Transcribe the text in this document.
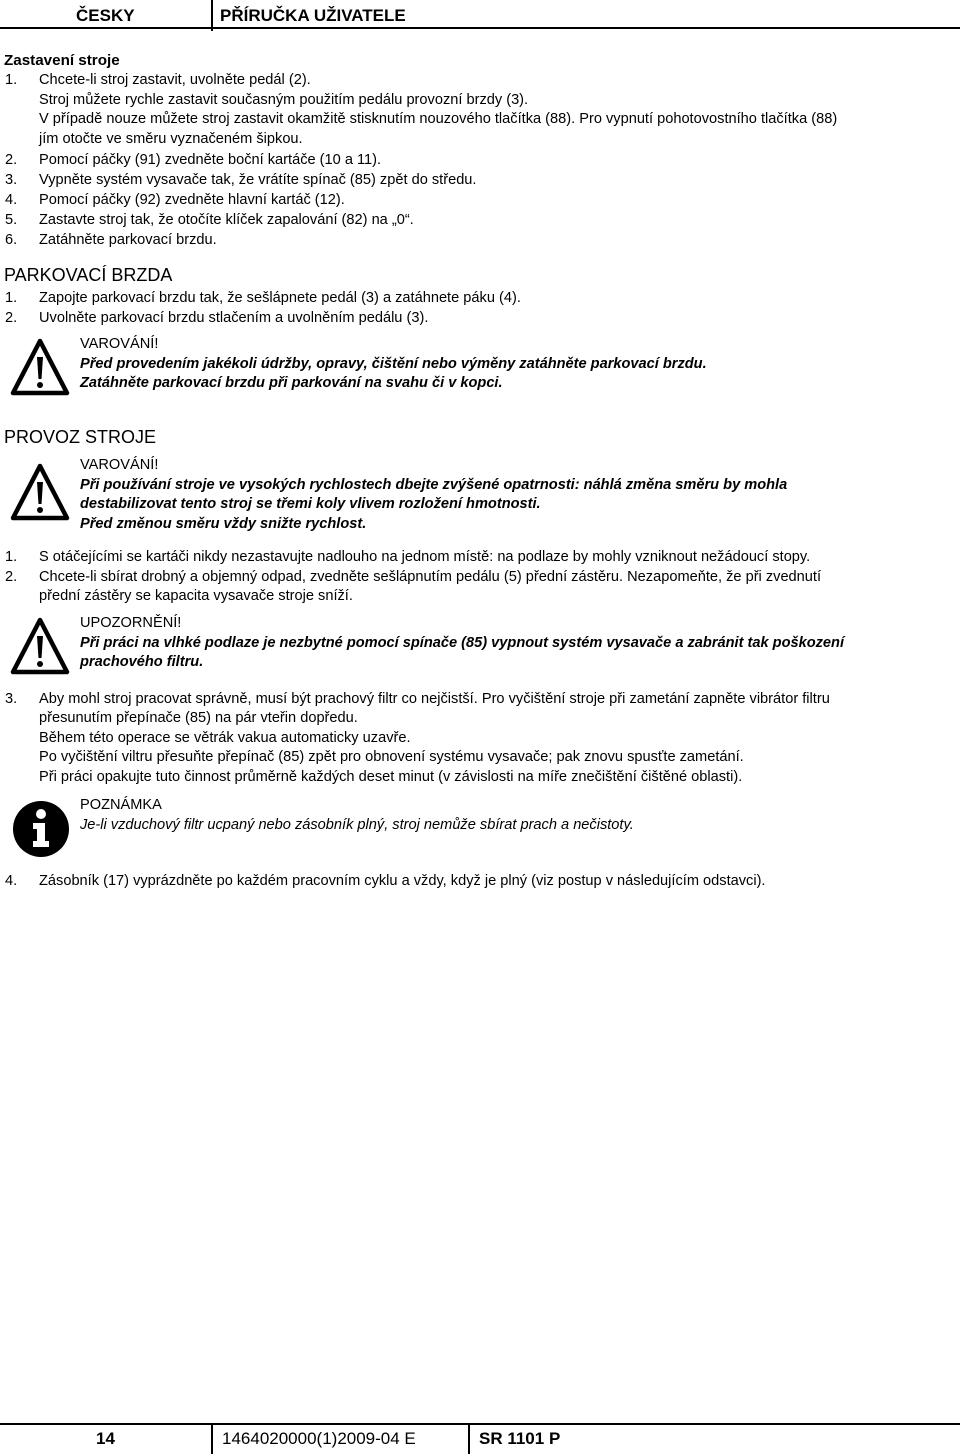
ČESKY	PŘÍRUČKA UŽIVATELE
Zastavení stroje
1. Chcete-li stroj zastavit, uvolněte pedál (2).
Stroj můžete rychle zastavit současným použitím pedálu provozní brzdy (3).
V případě nouze můžete stroj zastavit okamžitě stisknutím nouzového tlačítka (88). Pro vypnutí pohotovostního tlačítka (88)
jím otočte ve směru vyznačeném šipkou.
2. Pomocí páčky (91) zvedněte boční kartáče (10 a 11).
3. Vypněte systém vysavače tak, že vrátíte spínač (85) zpět do středu.
4. Pomocí páčky (92) zvedněte hlavní kartáč (12).
5. Zastavte stroj tak, že otočíte klíček zapalování (82) na „0“.
6. Zatáhněte parkovací brzdu.
PARKOVACÍ BRZDA
1. Zapojte parkovací brzdu tak, že sešlápnete pedál (3) a zatáhnete páku (4).
2. Uvolněte parkovací brzdu stlačením a uvolněním pedálu (3).
VAROVÁNÍ!
Před provedením jakékoli údržby, opravy, čištění nebo výměny zatáhněte parkovací brzdu.
Zatáhněte parkovací brzdu při parkování na svahu či v kopci.
PROVOZ STROJE
VAROVÁNÍ!
Při používání stroje ve vysokých rychlostech dbejte zvýšené opatrnosti: náhlá změna směru by mohla
destabilizovat tento stroj se třemi koly vlivem rozložení hmotnosti.
Před změnou směru vždy snižte rychlost.
1. S otáčejícími se kartáči nikdy nezastavujte nadlouho na jednom místě: na podlaze by mohly vzniknout nežádoucí stopy.
2. Chcete-li sbírat drobný a objemný odpad, zvedněte sešlápnutím pedálu (5) přední zástěru. Nezapomeňte, že při zvednutí
přední zástěry se kapacita vysavače stroje sníží.
UPOZORNĚNÍ!
Při práci na vlhké podlaze je nezbytné pomocí spínače (85) vypnout systém vysavače a zabránit tak poškození
prachového filtru.
3. Aby mohl stroj pracovat správně, musí být prachový filtr co nejčistší. Pro vyčištění stroje při zametání zapněte vibrátor filtru
přesunutím přepínače (85) na pár vteřin dopředu.
Během této operace se větrák vakua automaticky uzavře.
Po vyčištění viltru přesuňte přepínač (85) zpět pro obnovení systému vysavače; pak znovu spusťte zametání.
Při práci opakujte tuto činnost průměrně každých deset minut (v závislosti na míře znečištění čištěné oblasti).
POZNÁMKA
Je-li vzduchový filtr ucpaný nebo zásobník plný, stroj nemůže sbírat prach a nečistoty.
4. Zásobník (17) vyprázdněte po každém pracovním cyklu a vždy, když je plný (viz postup v následujícím odstavci).
14	1464020000(1)2009-04 E	SR 1101 P
